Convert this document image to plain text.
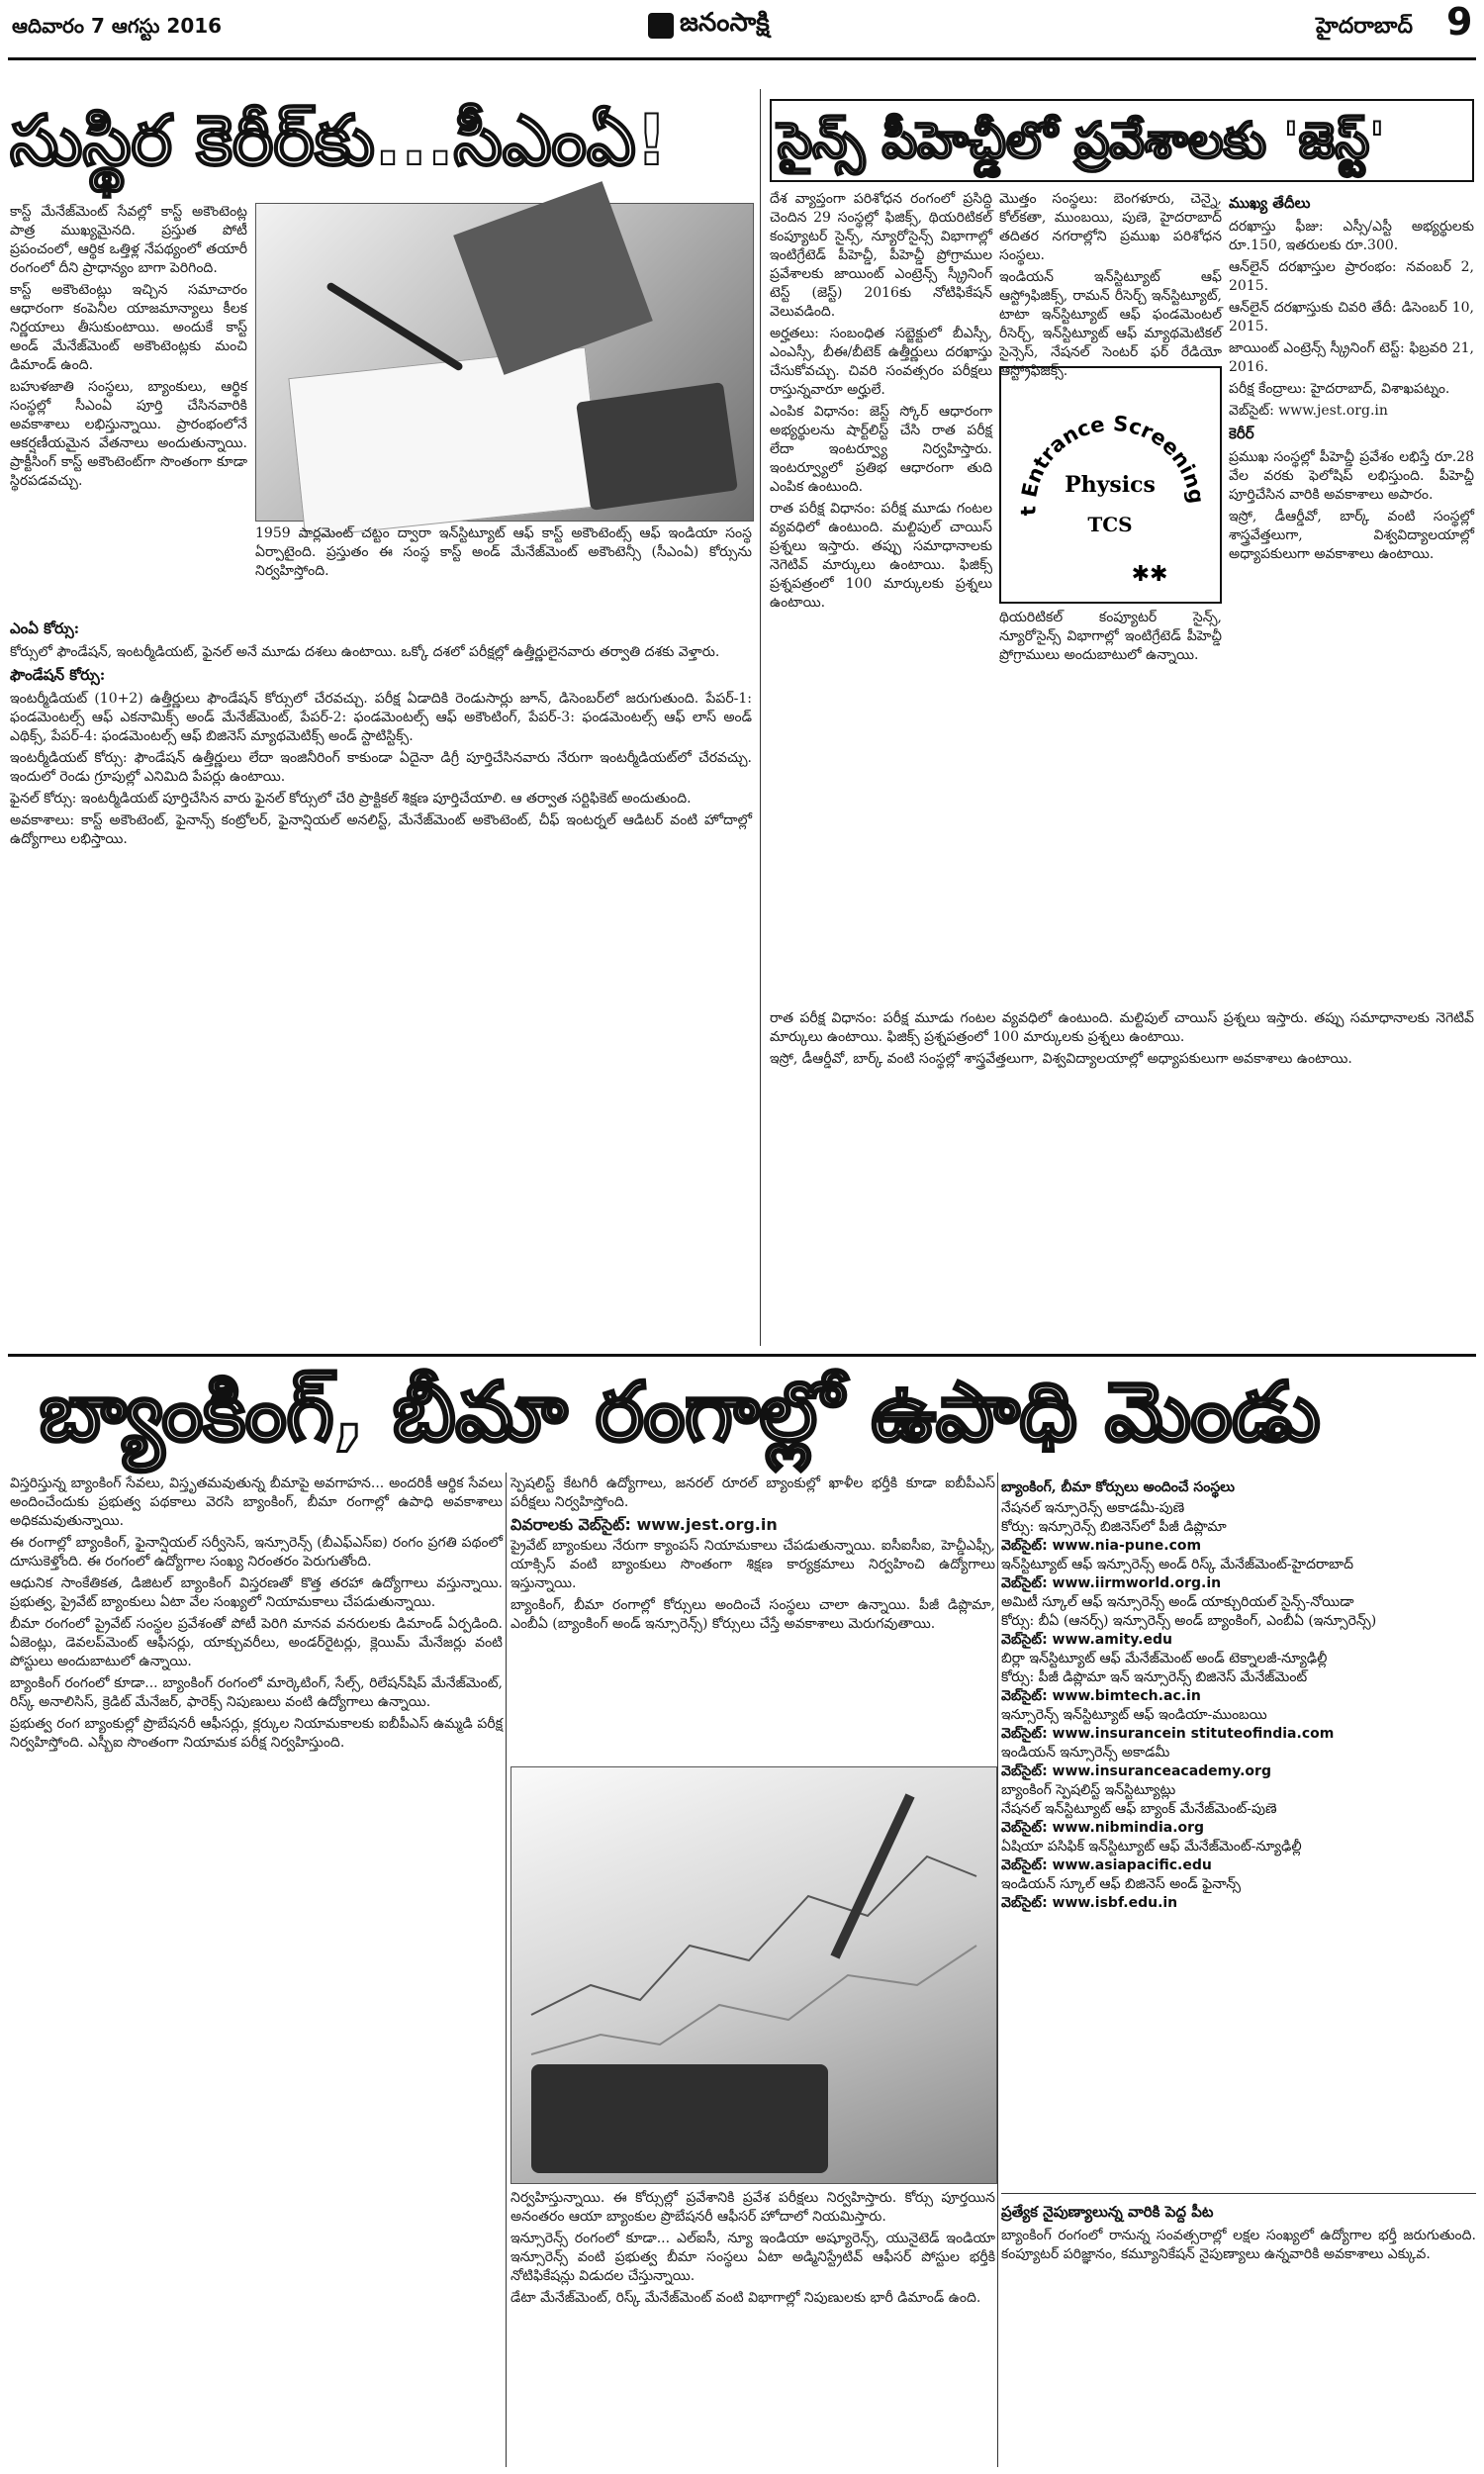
ఆదివారం 7 ఆగస్టు 2016	జనంసాక్షి	హైదరాబాద్ 9
సుస్థిర కెరీర్‌కు...సీఎంఏ!

కాస్ట్ మేనేజ్‌మెంట్ సేవల్లో కాస్ట్ అకౌంటెంట్ల పాత్ర ముఖ్యమైనది. ప్రస్తుత పోటీ ప్రపంచంలో, ఆర్థిక ఒత్తిళ్ల నేపథ్యంలో తయారీ రంగంలో దీని ప్రాధాన్యం బాగా పెరిగింది.

కాస్ట్ అకౌంటెంట్లు ఇచ్చిన సమాచారం ఆధారంగా కంపెనీల యాజమాన్యాలు కీలక నిర్ణయాలు తీసుకుంటాయి. అందుకే కాస్ట్ అండ్ మేనేజ్‌మెంట్ అకౌంటెంట్లకు మంచి డిమాండ్ ఉంది.

బహుళజాతి సంస్థలు, బ్యాంకులు, ఆర్థిక సంస్థల్లో సీఎంఏ పూర్తి చేసినవారికి అవకాశాలు లభిస్తున్నాయి. ప్రారంభంలోనే ఆకర్షణీయమైన వేతనాలు అందుతున్నాయి. ప్రాక్టీసింగ్ కాస్ట్ అకౌంటెంట్‌గా సొంతంగా కూడా స్థిరపడవచ్చు.

1959 పార్లమెంట్ చట్టం ద్వారా ఇన్‌స్టిట్యూట్ ఆఫ్ కాస్ట్ అకౌంటెంట్స్ ఆఫ్ ఇండియా సంస్థ ఏర్పాటైంది. ప్రస్తుతం ఈ సంస్థ కాస్ట్ అండ్ మేనేజ్‌మెంట్ అకౌంటెన్సీ (సీఎంఏ) కోర్సును నిర్వహిస్తోంది.

ఎంఏ కోర్సు:

కోర్సులో ఫౌండేషన్, ఇంటర్మీడియట్, ఫైనల్ అనే మూడు దశలు ఉంటాయి. ఒక్కో దశలో పరీక్షల్లో ఉత్తీర్ణులైనవారు తర్వాతి దశకు వెళ్తారు.

ఫౌండేషన్ కోర్సు:

ఇంటర్మీడియట్ (10+2) ఉత్తీర్ణులు ఫౌండేషన్ కోర్సులో చేరవచ్చు. పరీక్ష ఏడాదికి రెండుసార్లు జూన్, డిసెంబర్‌లో జరుగుతుంది. పేపర్-1: ఫండమెంటల్స్ ఆఫ్ ఎకనామిక్స్ అండ్ మేనేజ్‌మెంట్, పేపర్-2: ఫండమెంటల్స్ ఆఫ్ అకౌంటింగ్, పేపర్-3: ఫండమెంటల్స్ ఆఫ్ లాస్ అండ్ ఎథిక్స్, పేపర్-4: ఫండమెంటల్స్ ఆఫ్ బిజినెస్ మ్యాథమెటిక్స్ అండ్ స్టాటిస్టిక్స్.

ఇంటర్మీడియట్ కోర్సు: ఫౌండేషన్ ఉత్తీర్ణులు లేదా ఇంజినీరింగ్ కాకుండా ఏదైనా డిగ్రీ పూర్తిచేసినవారు నేరుగా ఇంటర్మీడియట్‌లో చేరవచ్చు. ఇందులో రెండు గ్రూపుల్లో ఎనిమిది పేపర్లు ఉంటాయి.

ఫైనల్ కోర్సు: ఇంటర్మీడియట్ పూర్తిచేసిన వారు ఫైనల్ కోర్సులో చేరి ప్రాక్టికల్ శిక్షణ పూర్తిచేయాలి. ఆ తర్వాత సర్టిఫికెట్ అందుతుంది.

అవకాశాలు: కాస్ట్ అకౌంటెంట్, ఫైనాన్స్ కంట్రోలర్, ఫైనాన్షియల్ అనలిస్ట్, మేనేజ్‌మెంట్ అకౌంటెంట్, చీఫ్ ఇంటర్నల్ ఆడిటర్ వంటి హోదాల్లో ఉద్యోగాలు లభిస్తాయి.

సైన్స్ పీహెచ్డీలో ప్రవేశాలకు 'జెస్ట్'

దేశ వ్యాప్తంగా పరిశోధన రంగంలో ప్రసిద్ధి చెందిన 29 సంస్థల్లో ఫిజిక్స్, థియరిటికల్ కంప్యూటర్ సైన్స్, న్యూరోసైన్స్ విభాగాల్లో ఇంటిగ్రేటెడ్ పీహెచ్డీ, పీహెచ్డీ ప్రోగ్రాముల ప్రవేశాలకు జాయింట్ ఎంట్రెన్స్ స్క్రీనింగ్ టెస్ట్ (జెస్ట్) 2016కు నోటిఫికేషన్ వెలువడింది.

అర్హతలు: సంబంధిత సబ్జెక్టులో బీఎస్సీ, ఎంఎస్సీ, బీఈ/బీటెక్ ఉత్తీర్ణులు దరఖాస్తు చేసుకోవచ్చు. చివరి సంవత్సరం పరీక్షలు రాస్తున్నవారూ అర్హులే.

ఎంపిక విధానం: జెస్ట్ స్కోర్ ఆధారంగా అభ్యర్థులను షార్ట్‌లిస్ట్ చేసి రాత పరీక్ష లేదా ఇంటర్వ్యూ నిర్వహిస్తారు. ఇంటర్వ్యూలో ప్రతిభ ఆధారంగా తుది ఎంపిక ఉంటుంది.

రాత పరీక్ష విధానం: పరీక్ష మూడు గంటల వ్యవధిలో ఉంటుంది. మల్టిపుల్ చాయిస్ ప్రశ్నలు ఇస్తారు. తప్పు సమాధానాలకు నెగెటివ్ మార్కులు ఉంటాయి. ఫిజిక్స్ ప్రశ్నపత్రంలో 100 మార్కులకు ప్రశ్నలు ఉంటాయి.

మొత్తం సంస్థలు: బెంగళూరు, చెన్నై, కోల్‌కతా, ముంబయి, పుణె, హైదరాబాద్ తదితర నగరాల్లోని ప్రముఖ పరిశోధన సంస్థలు.

ఇండియన్ ఇన్‌స్టిట్యూట్ ఆఫ్ ఆస్ట్రోఫిజిక్స్, రామన్ రీసెర్చ్ ఇన్‌స్టిట్యూట్, టాటా ఇన్‌స్టిట్యూట్ ఆఫ్ ఫండమెంటల్ రీసెర్చ్, ఇన్‌స్టిట్యూట్ ఆఫ్ మ్యాథమెటికల్ సైన్సెస్, నేషనల్ సెంటర్ ఫర్ రేడియో ఆస్ట్రోఫిజిక్స్.

t Entrance Screening
Physics
TCS
✱✱

థియరిటికల్ కంప్యూటర్ సైన్స్, న్యూరోసైన్స్ విభాగాల్లో ఇంటిగ్రేటెడ్ పీహెచ్డీ ప్రోగ్రాములు అందుబాటులో ఉన్నాయి.

ముఖ్య తేదీలు

దరఖాస్తు ఫీజు: ఎస్సీ/ఎస్టీ అభ్యర్థులకు రూ.150, ఇతరులకు రూ.300.

ఆన్‌లైన్ దరఖాస్తుల ప్రారంభం: నవంబర్ 2, 2015.

ఆన్‌లైన్ దరఖాస్తుకు చివరి తేదీ: డిసెంబర్ 10, 2015.

జాయింట్ ఎంట్రెన్స్ స్క్రీనింగ్ టెస్ట్: ఫిబ్రవరి 21, 2016.

పరీక్ష కేంద్రాలు: హైదరాబాద్, విశాఖపట్నం.

వెబ్‌సైట్: www.jest.org.in

కెరీర్

ప్రముఖ సంస్థల్లో పీహెచ్డీ ప్రవేశం లభిస్తే రూ.28 వేల వరకు ఫెలోషిప్ లభిస్తుంది. పీహెచ్డీ పూర్తిచేసిన వారికి అవకాశాలు అపారం.

ఇస్రో, డీఆర్డీవో, బార్క్ వంటి సంస్థల్లో శాస్త్రవేత్తలుగా, విశ్వవిద్యాలయాల్లో అధ్యాపకులుగా అవకాశాలు ఉంటాయి.

రాత పరీక్ష విధానం: పరీక్ష మూడు గంటల వ్యవధిలో ఉంటుంది. మల్టిపుల్ చాయిస్ ప్రశ్నలు ఇస్తారు. తప్పు సమాధానాలకు నెగెటివ్ మార్కులు ఉంటాయి. ఫిజిక్స్ ప్రశ్నపత్రంలో 100 మార్కులకు ప్రశ్నలు ఉంటాయి.

ఇస్రో, డీఆర్డీవో, బార్క్ వంటి సంస్థల్లో శాస్త్రవేత్తలుగా, విశ్వవిద్యాలయాల్లో అధ్యాపకులుగా అవకాశాలు ఉంటాయి.

బ్యాంకింగ్, బీమా రంగాల్లో ఉపాధి మెండు

విస్తరిస్తున్న బ్యాంకింగ్ సేవలు, విస్తృతమవుతున్న బీమాపై అవగాహన... అందరికీ ఆర్థిక సేవలు అందించేందుకు ప్రభుత్వ పథకాలు వెరసి బ్యాంకింగ్, బీమా రంగాల్లో ఉపాధి అవకాశాలు అధికమవుతున్నాయి.

ఈ రంగాల్లో బ్యాంకింగ్, ఫైనాన్షియల్ సర్వీసెస్, ఇన్సూరెన్స్ (బీఎఫ్ఎస్ఐ) రంగం ప్రగతి పథంలో దూసుకెళ్తోంది. ఈ రంగంలో ఉద్యోగాల సంఖ్య నిరంతరం పెరుగుతోంది.

ఆధునిక సాంకేతికత, డిజిటల్ బ్యాంకింగ్ విస్తరణతో కొత్త తరహా ఉద్యోగాలు వస్తున్నాయి. ప్రభుత్వ, ప్రైవేట్ బ్యాంకులు ఏటా వేల సంఖ్యలో నియామకాలు చేపడుతున్నాయి.

బీమా రంగంలో ప్రైవేట్ సంస్థల ప్రవేశంతో పోటీ పెరిగి మానవ వనరులకు డిమాండ్ ఏర్పడింది. ఏజెంట్లు, డెవలప్‌మెంట్ ఆఫీసర్లు, యాక్చువరీలు, అండర్‌రైటర్లు, క్లెయిమ్ మేనేజర్లు వంటి పోస్టులు అందుబాటులో ఉన్నాయి.

బ్యాంకింగ్ రంగంలో కూడా... బ్యాంకింగ్ రంగంలో మార్కెటింగ్, సేల్స్, రిలేషన్‌షిప్ మేనేజ్‌మెంట్, రిస్క్ అనాలిసిస్, క్రెడిట్ మేనేజర్, ఫారెక్స్ నిపుణులు వంటి ఉద్యోగాలు ఉన్నాయి.

ప్రభుత్వ రంగ బ్యాంకుల్లో ప్రొబేషనరీ ఆఫీసర్లు, క్లర్కుల నియామకాలకు ఐబీపీఎస్ ఉమ్మడి పరీక్ష నిర్వహిస్తోంది. ఎస్బీఐ సొంతంగా నియామక పరీక్ష నిర్వహిస్తుంది.

స్పెషలిస్ట్ కేటగిరీ ఉద్యోగాలు, జనరల్ రూరల్ బ్యాంకుల్లో ఖాళీల భర్తీకి కూడా ఐబీపీఎస్ పరీక్షలు నిర్వహిస్తోంది.

వివరాలకు వెబ్‌సైట్: www.jest.org.in

ప్రైవేట్ బ్యాంకులు నేరుగా క్యాంపస్ నియామకాలు చేపడుతున్నాయి. ఐసీఐసీఐ, హెచ్డీఎఫ్సీ, యాక్సిస్ వంటి బ్యాంకులు సొంతంగా శిక్షణ కార్యక్రమాలు నిర్వహించి ఉద్యోగాలు ఇస్తున్నాయి.

బ్యాంకింగ్, బీమా రంగాల్లో కోర్సులు అందించే సంస్థలు చాలా ఉన్నాయి. పీజీ డిప్లొమా, ఎంబీఏ (బ్యాంకింగ్ అండ్ ఇన్సూరెన్స్) కోర్సులు చేస్తే అవకాశాలు మెరుగవుతాయి.

నిర్వహిస్తున్నాయి. ఈ కోర్సుల్లో ప్రవేశానికి ప్రవేశ పరీక్షలు నిర్వహిస్తారు. కోర్సు పూర్తయిన అనంతరం ఆయా బ్యాంకుల ప్రొబేషనరీ ఆఫీసర్ హోదాలో నియమిస్తారు.

ఇన్సూరెన్స్ రంగంలో కూడా... ఎల్ఐసీ, న్యూ ఇండియా అష్యూరెన్స్, యునైటెడ్ ఇండియా ఇన్సూరెన్స్ వంటి ప్రభుత్వ బీమా సంస్థలు ఏటా అడ్మినిస్ట్రేటివ్ ఆఫీసర్ పోస్టుల భర్తీకి నోటిఫికేషన్లు విడుదల చేస్తున్నాయి.

డేటా మేనేజ్‌మెంట్, రిస్క్ మేనేజ్‌మెంట్ వంటి విభాగాల్లో నిపుణులకు భారీ డిమాండ్ ఉంది.

బ్యాంకింగ్, బీమా కోర్సులు అందించే సంస్థలు
నేషనల్ ఇన్సూరెన్స్ అకాడమీ-పుణె
కోర్సు: ఇన్సూరెన్స్ బిజినెస్‌లో పీజీ డిప్లొమా
వెబ్‌సైట్: www.nia-pune.com
ఇన్‌స్టిట్యూట్ ఆఫ్ ఇన్సూరెన్స్ అండ్ రిస్క్ మేనేజ్‌మెంట్-హైదరాబాద్
వెబ్‌సైట్: www.iirmworld.org.in
అమిటీ స్కూల్ ఆఫ్ ఇన్సూరెన్స్ అండ్ యాక్చురియల్ సైన్స్-నోయిడా
కోర్సు: బీఏ (ఆనర్స్) ఇన్సూరెన్స్ అండ్ బ్యాంకింగ్, ఎంబీఏ (ఇన్సూరెన్స్)
వెబ్‌సైట్: www.amity.edu
బిర్లా ఇన్‌స్టిట్యూట్ ఆఫ్ మేనేజ్‌మెంట్ అండ్ టెక్నాలజీ-న్యూఢిల్లీ
కోర్సు: పీజీ డిప్లొమా ఇన్ ఇన్సూరెన్స్ బిజినెస్ మేనేజ్‌మెంట్
వెబ్‌సైట్: www.bimtech.ac.in
ఇన్సూరెన్స్ ఇన్‌స్టిట్యూట్ ఆఫ్ ఇండియా-ముంబయి
వెబ్‌సైట్: www.insurancein stituteofindia.com
ఇండియన్ ఇన్సూరెన్స్ అకాడమీ
వెబ్‌సైట్: www.insuranceacademy.org
బ్యాంకింగ్ స్పెషలిస్ట్ ఇన్‌స్టిట్యూట్లు
నేషనల్ ఇన్‌స్టిట్యూట్ ఆఫ్ బ్యాంక్ మేనేజ్‌మెంట్-పుణె
వెబ్‌సైట్: www.nibmindia.org
ఏషియా పసిఫిక్ ఇన్‌స్టిట్యూట్ ఆఫ్ మేనేజ్‌మెంట్-న్యూఢిల్లీ
వెబ్‌సైట్: www.asiapacific.edu
ఇండియన్ స్కూల్ ఆఫ్ బిజినెస్ అండ్ ఫైనాన్స్
వెబ్‌సైట్: www.isbf.edu.in
ప్రత్యేక నైపుణ్యాలున్న వారికి పెద్ద పీట

బ్యాంకింగ్ రంగంలో రానున్న సంవత్సరాల్లో లక్షల సంఖ్యలో ఉద్యోగాల భర్తీ జరుగుతుంది. కంప్యూటర్ పరిజ్ఞానం, కమ్యూనికేషన్ నైపుణ్యాలు ఉన్నవారికి అవకాశాలు ఎక్కువ.
